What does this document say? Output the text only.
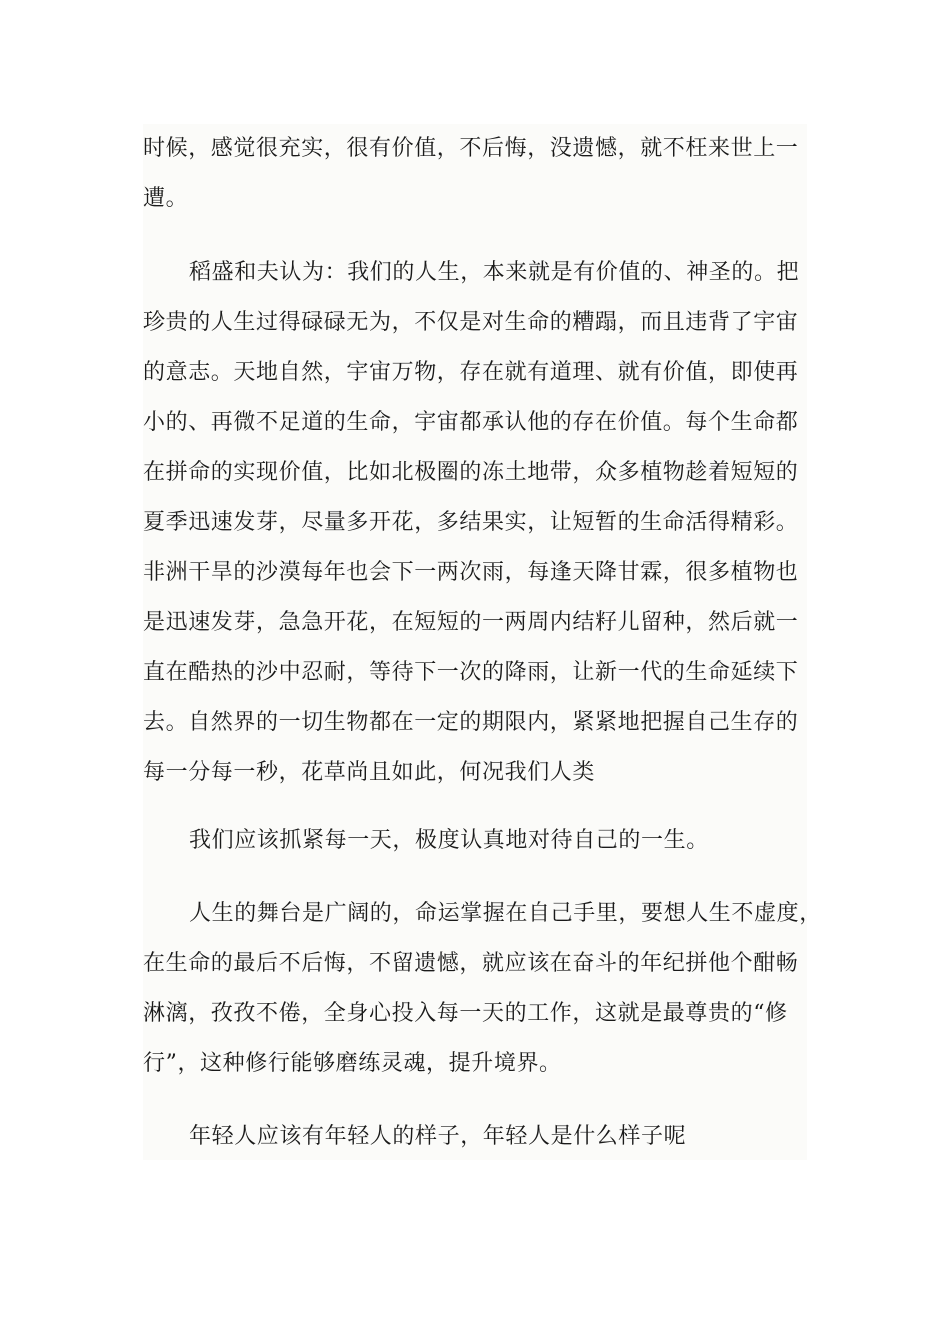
时候，感觉很充实，很有价值，不后悔，没遗憾，就不枉来世上一
遭。

稻盛和夫认为：我们的人生，本来就是有价值的、神圣的。把
珍贵的人生过得碌碌无为，不仅是对生命的糟蹋，而且违背了宇宙
的意志。天地自然，宇宙万物，存在就有道理、就有价值，即使再
小的、再微不足道的生命，宇宙都承认他的存在价值。每个生命都
在拼命的实现价值，比如北极圈的冻土地带，众多植物趁着短短的
夏季迅速发芽，尽量多开花，多结果实，让短暂的生命活得精彩。
非洲干旱的沙漠每年也会下一两次雨，每逢天降甘霖，很多植物也
是迅速发芽，急急开花，在短短的一两周内结籽儿留种，然后就一
直在酷热的沙中忍耐，等待下一次的降雨，让新一代的生命延续下
去。自然界的一切生物都在一定的期限内，紧紧地把握自己生存的
每一分每一秒，花草尚且如此，何况我们人类

我们应该抓紧每一天，极度认真地对待自己的一生。

人生的舞台是广阔的，命运掌握在自己手里，要想人生不虚度，
在生命的最后不后悔，不留遗憾，就应该在奋斗的年纪拼他个酣畅
淋漓，孜孜不倦，全身心投入每一天的工作，这就是最尊贵的“修
行”，这种修行能够磨练灵魂，提升境界。

年轻人应该有年轻人的样子，年轻人是什么样子呢
